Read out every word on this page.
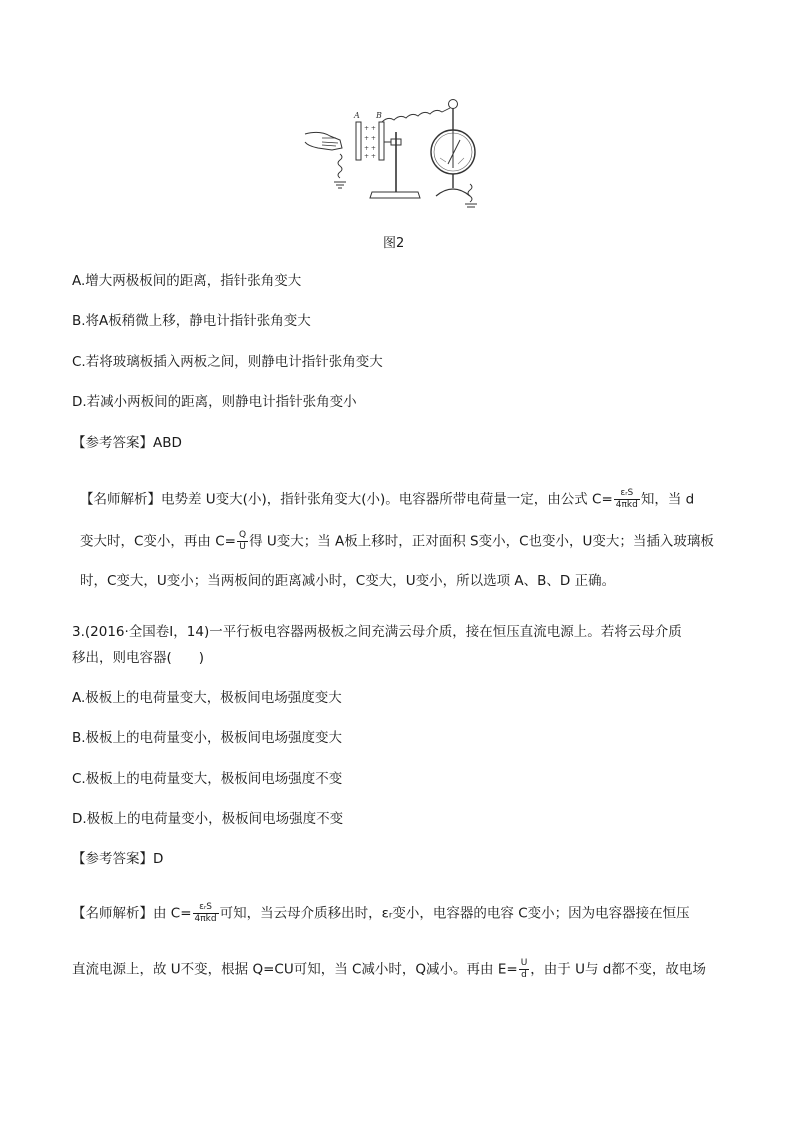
+ +
+ +
+ +
+ +
A B
图2
A.增大两极板间的距离，指针张角变大
B.将A板稍微上移，静电计指针张角变大
C.若将玻璃板插入两板之间，则静电计指针张角变大
D.若减小两板间的距离，则静电计指针张角变小
【参考答案】ABD
【名师解析】电势差 U变大(小)，指针张角变大(小)。电容器所带电荷量一定，由公式 $C= \frac{\text{εᵣS}}{\text{4πkd}}$ 知，当 d
变大时，C变小，再由 $C= \frac{Q}{U}$ 得 U变大；当 A板上移时，正对面积 S变小，C也变小，U变大；当插入玻璃板
时，C变大，U变小；当两板间的距离减小时，C变大，U变小，所以选项 A、B、D 正确。
3.(2016·全国卷Ⅰ，14)一平行板电容器两极板之间充满云母介质，接在恒压直流电源上。若将云母介质
移出，则电容器(　　)
A.极板上的电荷量变大，极板间电场强度变大
B.极板上的电荷量变小，极板间电场强度变大
C.极板上的电荷量变大，极板间电场强度不变
D.极板上的电荷量变小，极板间电场强度不变
【参考答案】D
【名师解析】由 $C= \frac{\text{εᵣS}}{\text{4πkd}}$ 可知，当云母介质移出时，εᵣ变小，电容器的电容 C变小；因为电容器接在恒压
直流电源上，故 U不变，根据 Q=CU可知，当 C减小时，Q减小。再由 $E= \frac{U}{d}$ ，由于 U与 d都不变，故电场
